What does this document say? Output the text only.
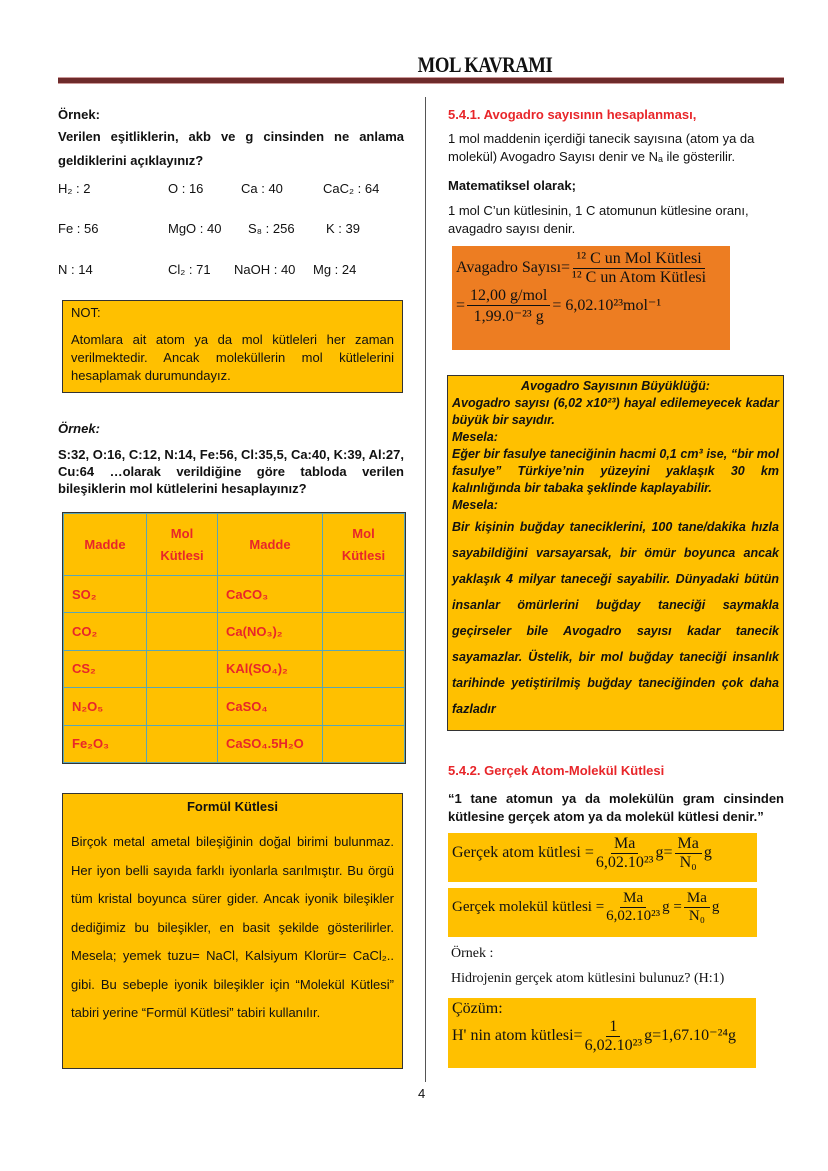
MOL KAVRAMI
Örnek:
Verilen eşitliklerin, akb ve g cinsinden ne anlama
geldiklerini açıklayınız?
H₂ : 2	O : 16	Ca : 40	CaC₂ : 64
Fe : 56	MgO : 40 S₈ : 256 K : 39
N : 14	Cl₂ : 71 NaOH : 40 Mg : 24
NOT:
Atomlara ait atom ya da mol kütleleri her zaman verilmektedir. Ancak moleküllerin mol kütlelerini hesaplamak durumundayız.
Örnek:
S:32, O:16, C:12, N:14, Fe:56, Cl:35,5, Ca:40, K:39, Al:27, Cu:64 …olarak verildiğine göre tabloda verilen bileşiklerin mol kütlelerini hesaplayınız?
Madde	Mol Kütlesi	Madde	Mol Kütlesi
SO₂		CaCO₃	
CO₂		Ca(NO₃)₂	
CS₂		KAl(SO₄)₂	
N₂O₅		CaSO₄	
Fe₂O₃		CaSO₄.5H₂O	
Formül Kütlesi
Birçok metal ametal bileşiğinin doğal birimi bulunmaz. Her iyon belli sayıda farklı iyonlarla sarılmıştır. Bu örgü tüm kristal boyunca sürer gider. Ancak iyonik bileşikler dediğimiz bu bileşikler, en basit şekilde gösterilirler. Mesela; yemek tuzu= NaCl, Kalsiyum Klorür= CaCl₂.. gibi. Bu sebeple iyonik bileşikler için “Molekül Kütlesi” tabiri yerine “Formül Kütlesi” tabiri kullanılır.
5.4.1. Avogadro sayısının hesaplanması,
1 mol maddenin içerdiği tanecik sayısına (atom ya da molekül) Avogadro Sayısı denir ve Nₐ ile gösterilir.
Matematiksel olarak;
1 mol C’un kütlesinin, 1 C atomunun kütlesine oranı, avagadro sayısı denir.
Avagadro Sayısı= $\frac{\text{¹² C un Mol Kütlesi}}{\text{¹² C un Atom Kütlesi}}$
= $\frac{\text{12,00 g/mol}}{\text{1,99.0⁻²³ g}} = 6,02.10^{23}mol^{-1}$
Avogadro Sayısının Büyüklüğü:
Avogadro sayısı (6,02 x10²³) hayal edilemeyecek kadar büyük bir sayıdır.
Mesela:
Eğer bir fasulye taneciğinin hacmi 0,1 cm³ ise, “bir mol fasulye” Türkiye’nin yüzeyini yaklaşık 30 km kalınlığında bir tabaka şeklinde kaplayabilir.
Mesela:
Bir kişinin buğday taneciklerini, 100 tane/dakika hızla sayabildiğini varsayarsak, bir ömür boyunca ancak yaklaşık 4 milyar taneceği sayabilir. Dünyadaki bütün insanlar ömürlerini buğday taneciği saymakla geçirseler bile Avogadro sayısı kadar tanecik sayamazlar. Üstelik, bir mol buğday taneciği insanlık tarihinde yetiştirilmiş buğday taneciğinden çok daha fazladır
5.4.2. Gerçek Atom-Molekül Kütlesi
“1 tane atomun ya da molekülün gram cinsinden kütlesine gerçek atom ya da molekül kütlesi denir.”
Gerçek atom kütlesi = $\frac{Ma}{\text{6,02.10²³}} g= \frac{Ma}{\text{N₀}}$ g
Gerçek molekül kütlesi = $\frac{Ma}{\text{6,02.10²³}}$ $g = \frac{Ma}{\text{N₀}}$ g
Örnek :
Hidrojenin gerçek atom kütlesini bulunuz? (H:1)
Çözüm:
H' nin atom kütlesi= $\frac{1}{\text{6,02.10²³}} g=1,67.10^{-24}g$
4
